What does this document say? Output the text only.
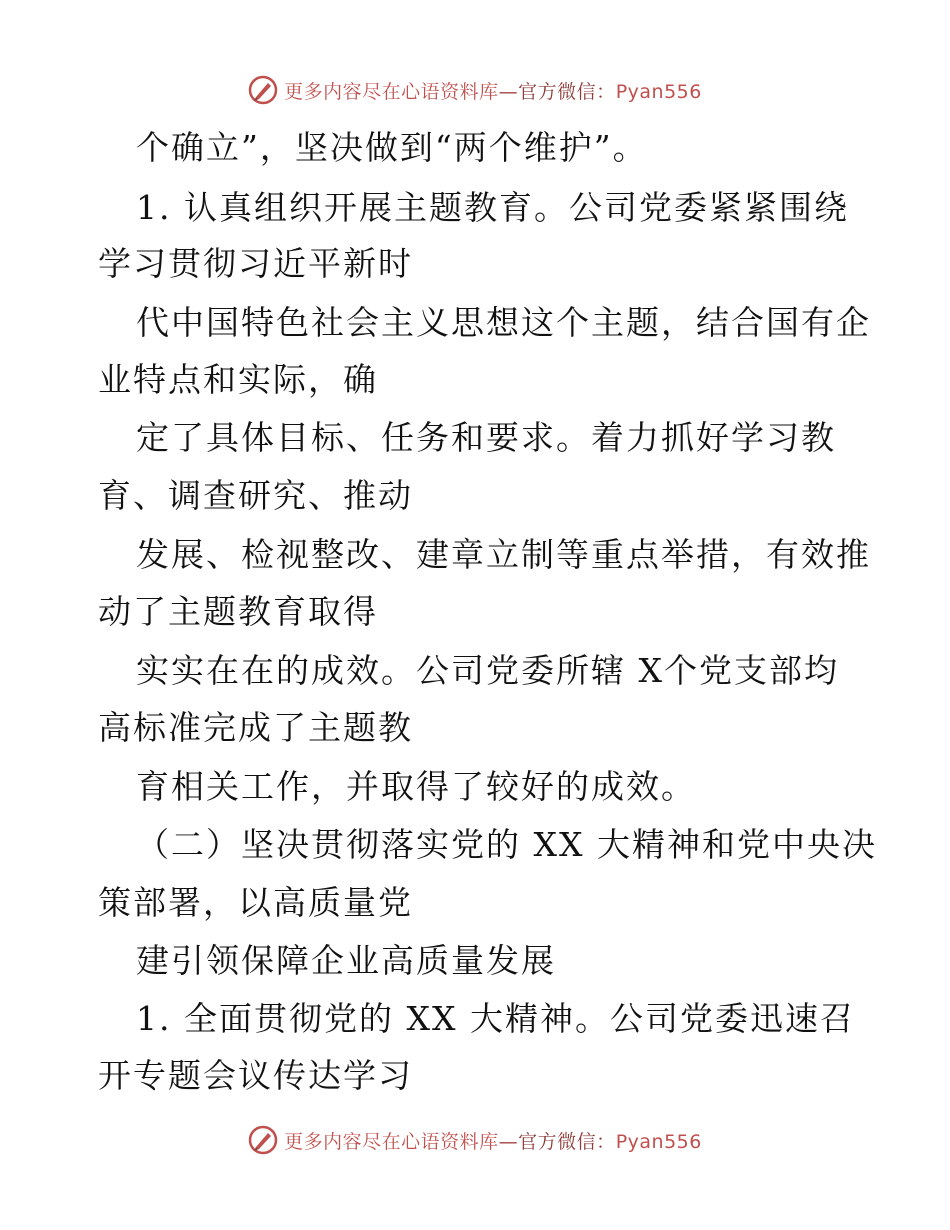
更多内容尽在心语资料库—官方微信：Pyan556
个确立”，坚决做到“两个维护”。
1. 认真组织开展主题教育。公司党委紧紧围绕
学习贯彻习近平新时
代中国特色社会主义思想这个主题，结合国有企
业特点和实际，确
定了具体目标、任务和要求。着力抓好学习教
育、调查研究、推动
发展、检视整改、建章立制等重点举措，有效推
动了主题教育取得
实实在在的成效。公司党委所辖 X个党支部均
高标准完成了主题教
育相关工作，并取得了较好的成效。
（二）坚决贯彻落实党的 XX 大精神和党中央决
策部署，以高质量党
建引领保障企业高质量发展
1. 全面贯彻党的 XX 大精神。公司党委迅速召
开专题会议传达学习
更多内容尽在心语资料库—官方微信：Pyan556
